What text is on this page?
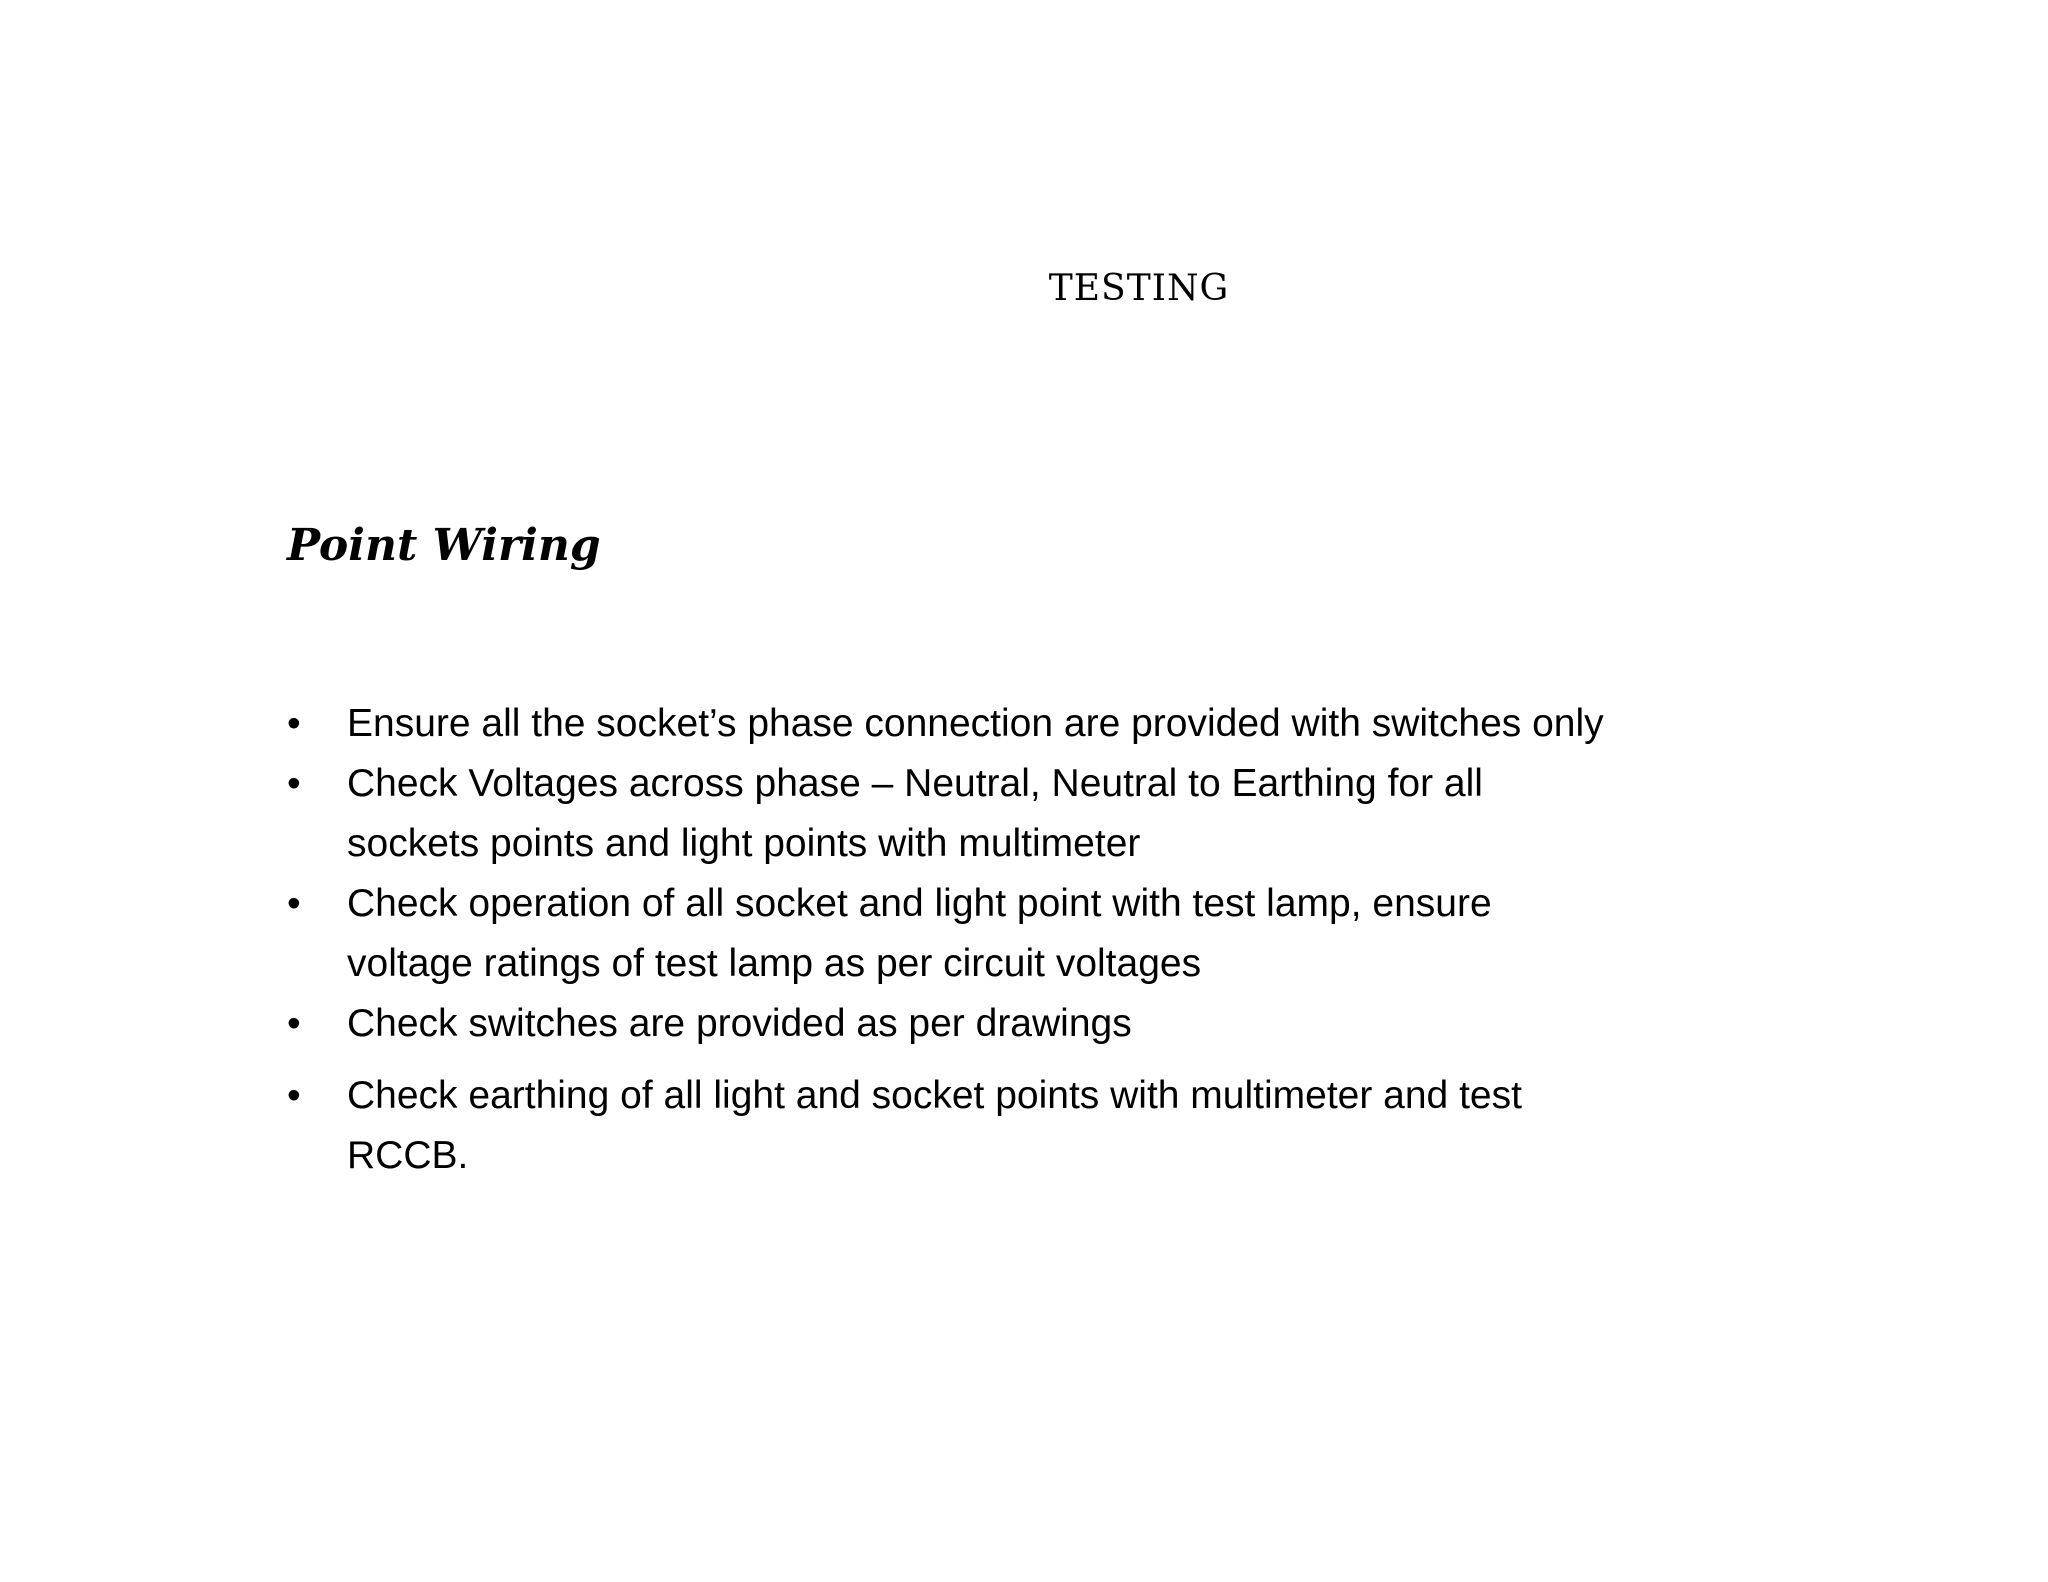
TESTING
Point Wiring
•	Ensure all the socket’s phase connection are provided with switches only
•	Check Voltages across phase – Neutral, Neutral to Earthing for all
sockets points and light points with multimeter
•	Check operation of all socket and light point with test lamp, ensure
voltage ratings of test lamp as per circuit voltages
•	Check switches are provided as per drawings
•	Check earthing of all light and socket points with multimeter and test
RCCB.
